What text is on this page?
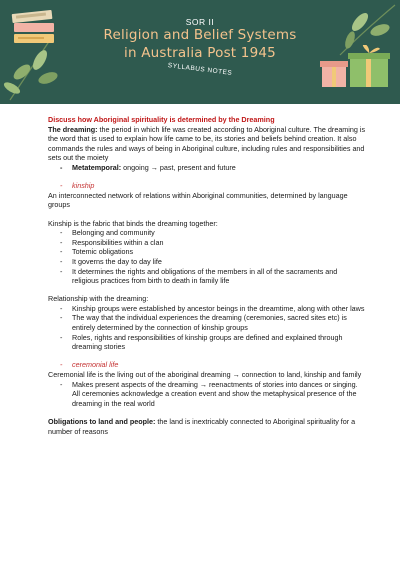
SOR II
Religion and Belief Systems
in Australia Post 1945
SYLLABUS NOTES

Discuss how Aboriginal spirituality is determined by the Dreaming

The dreaming: the period in which life was created according to Aboriginal culture. The dreaming is the word that is used to explain how life came to be, its stories and beliefs behind creation. It also commands the rules and ways of being in Aboriginal culture, including rules and responsibilities and sets out the moiety

- Metatemporal: ongoing → past, present and future
- kinship

An interconnected network of relations within Aboriginal communities, determined by language groups

Kinship is the fabric that binds the dreaming together:

- Belonging and community
- Responsibilities within a clan
- Totemic obligations
- It governs the day to day life
- It determines the rights and obligations of the members in all of the sacraments and religious practices from birth to death in family life

Relationship with the dreaming:

- Kinship groups were established by ancestor beings in the dreamtime, along with other laws
- The way that the individual experiences the dreaming (ceremonies, sacred sites etc) is entirely determined by the connection of kinship groups
- Roles, rights and responsibilities of kinship groups are defined and explained through dreaming stories
- ceremonial life

Ceremonial life is the living out of the aboriginal dreaming → connection to land, kinship and family

- Makes present aspects of the dreaming → reenactments of stories into dances or singing. All ceremonies acknowledge a creation event and show the metaphysical presence of the dreaming in the real world

Obligations to land and people: the land is inextricably connected to Aboriginal spirituality for a number of reasons
